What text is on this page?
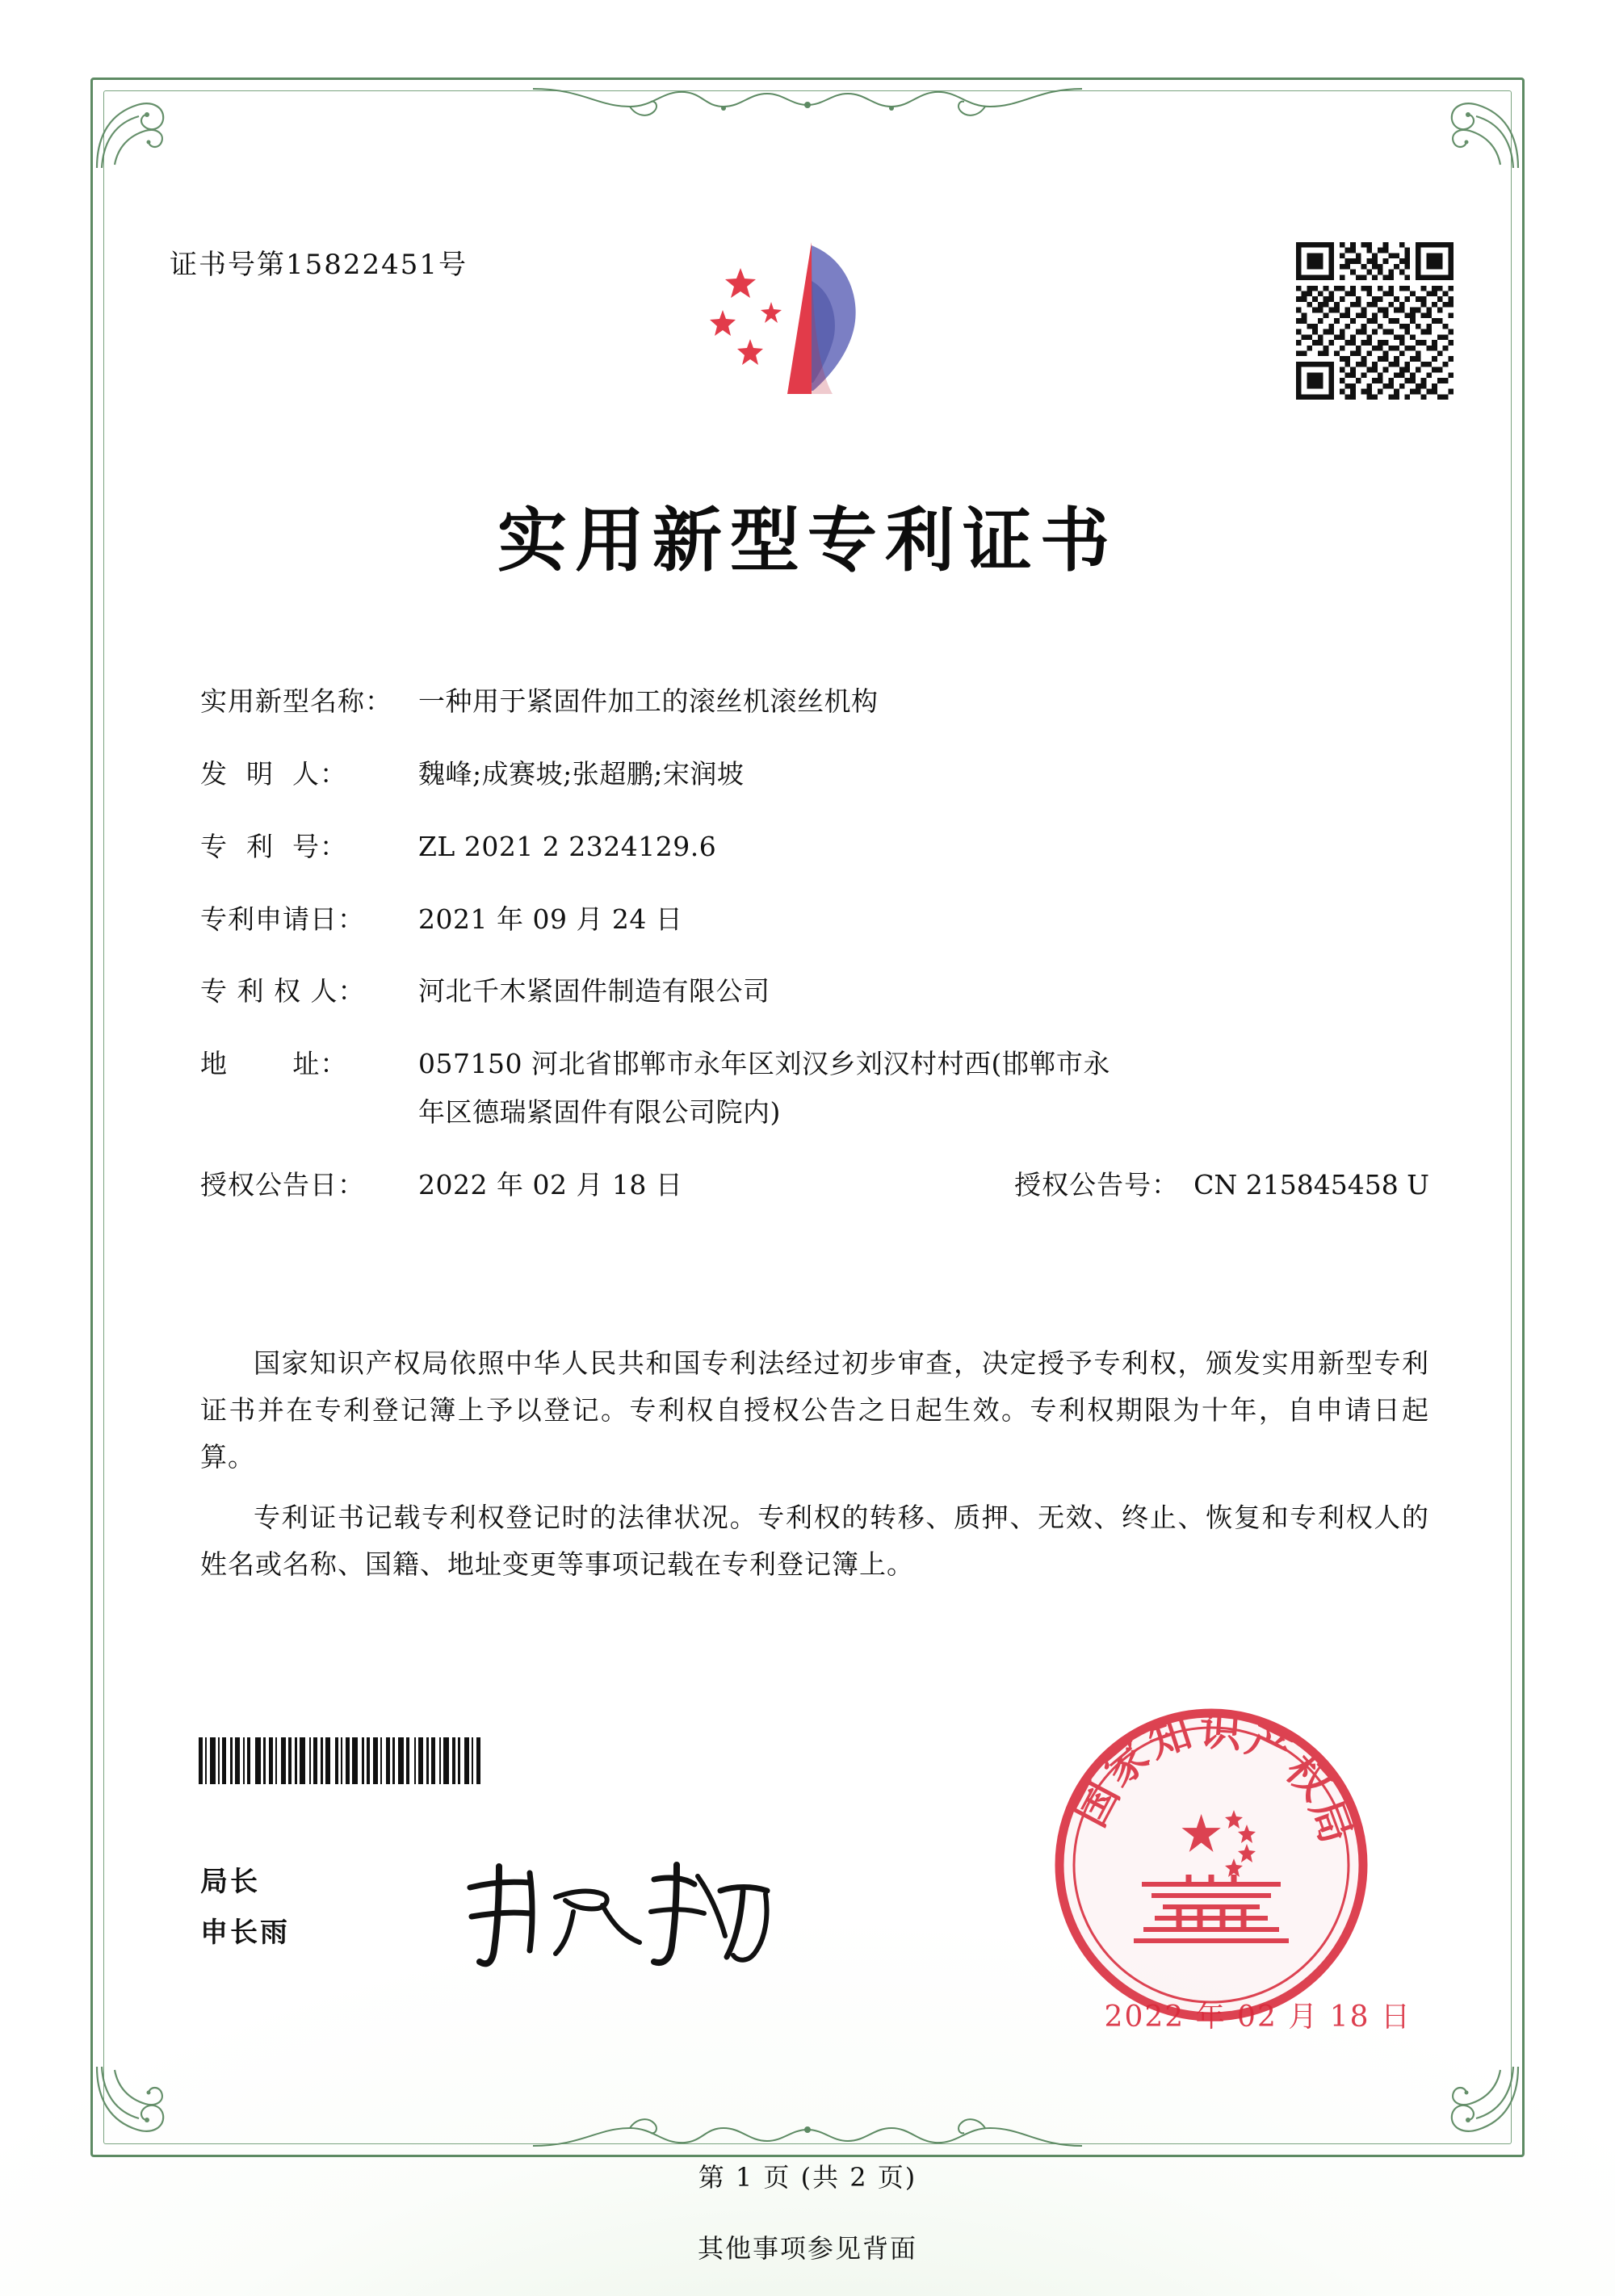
证书号第15822451号
实用新型专利证书
实用新型名称： 一种用于紧固件加工的滚丝机滚丝机构
发  明  人：	魏峰;成赛坡;张超鹏;宋润坡
专  利  号：	ZL 2021 2 2324129.6
专利申请日：	2021 年 09 月 24 日
专 利 权 人：	河北千木紧固件制造有限公司
地       址：	057150 河北省邯郸市永年区刘汉乡刘汉村村西(邯郸市永
年区德瑞紧固件有限公司院内)
授权公告日：	2022 年 02 月 18 日	授权公告号： CN 215845458 U

国家知识产权局依照中华人民共和国专利法经过初步审查，决定授予专利权，颁发实用新型专利证书并在专利登记簿上予以登记。专利权自授权公告之日起生效。专利权期限为十年，自申请日起算。

专利证书记载专利权登记时的法律状况。专利权的转移、质押、无效、终止、恢复和专利权人的姓名或名称、国籍、地址变更等事项记载在专利登记簿上。

局长
申长雨
国
家
知 识
产
权
局
2022 年 02 月 18 日
第 1 页 (共 2 页)
其他事项参见背面
